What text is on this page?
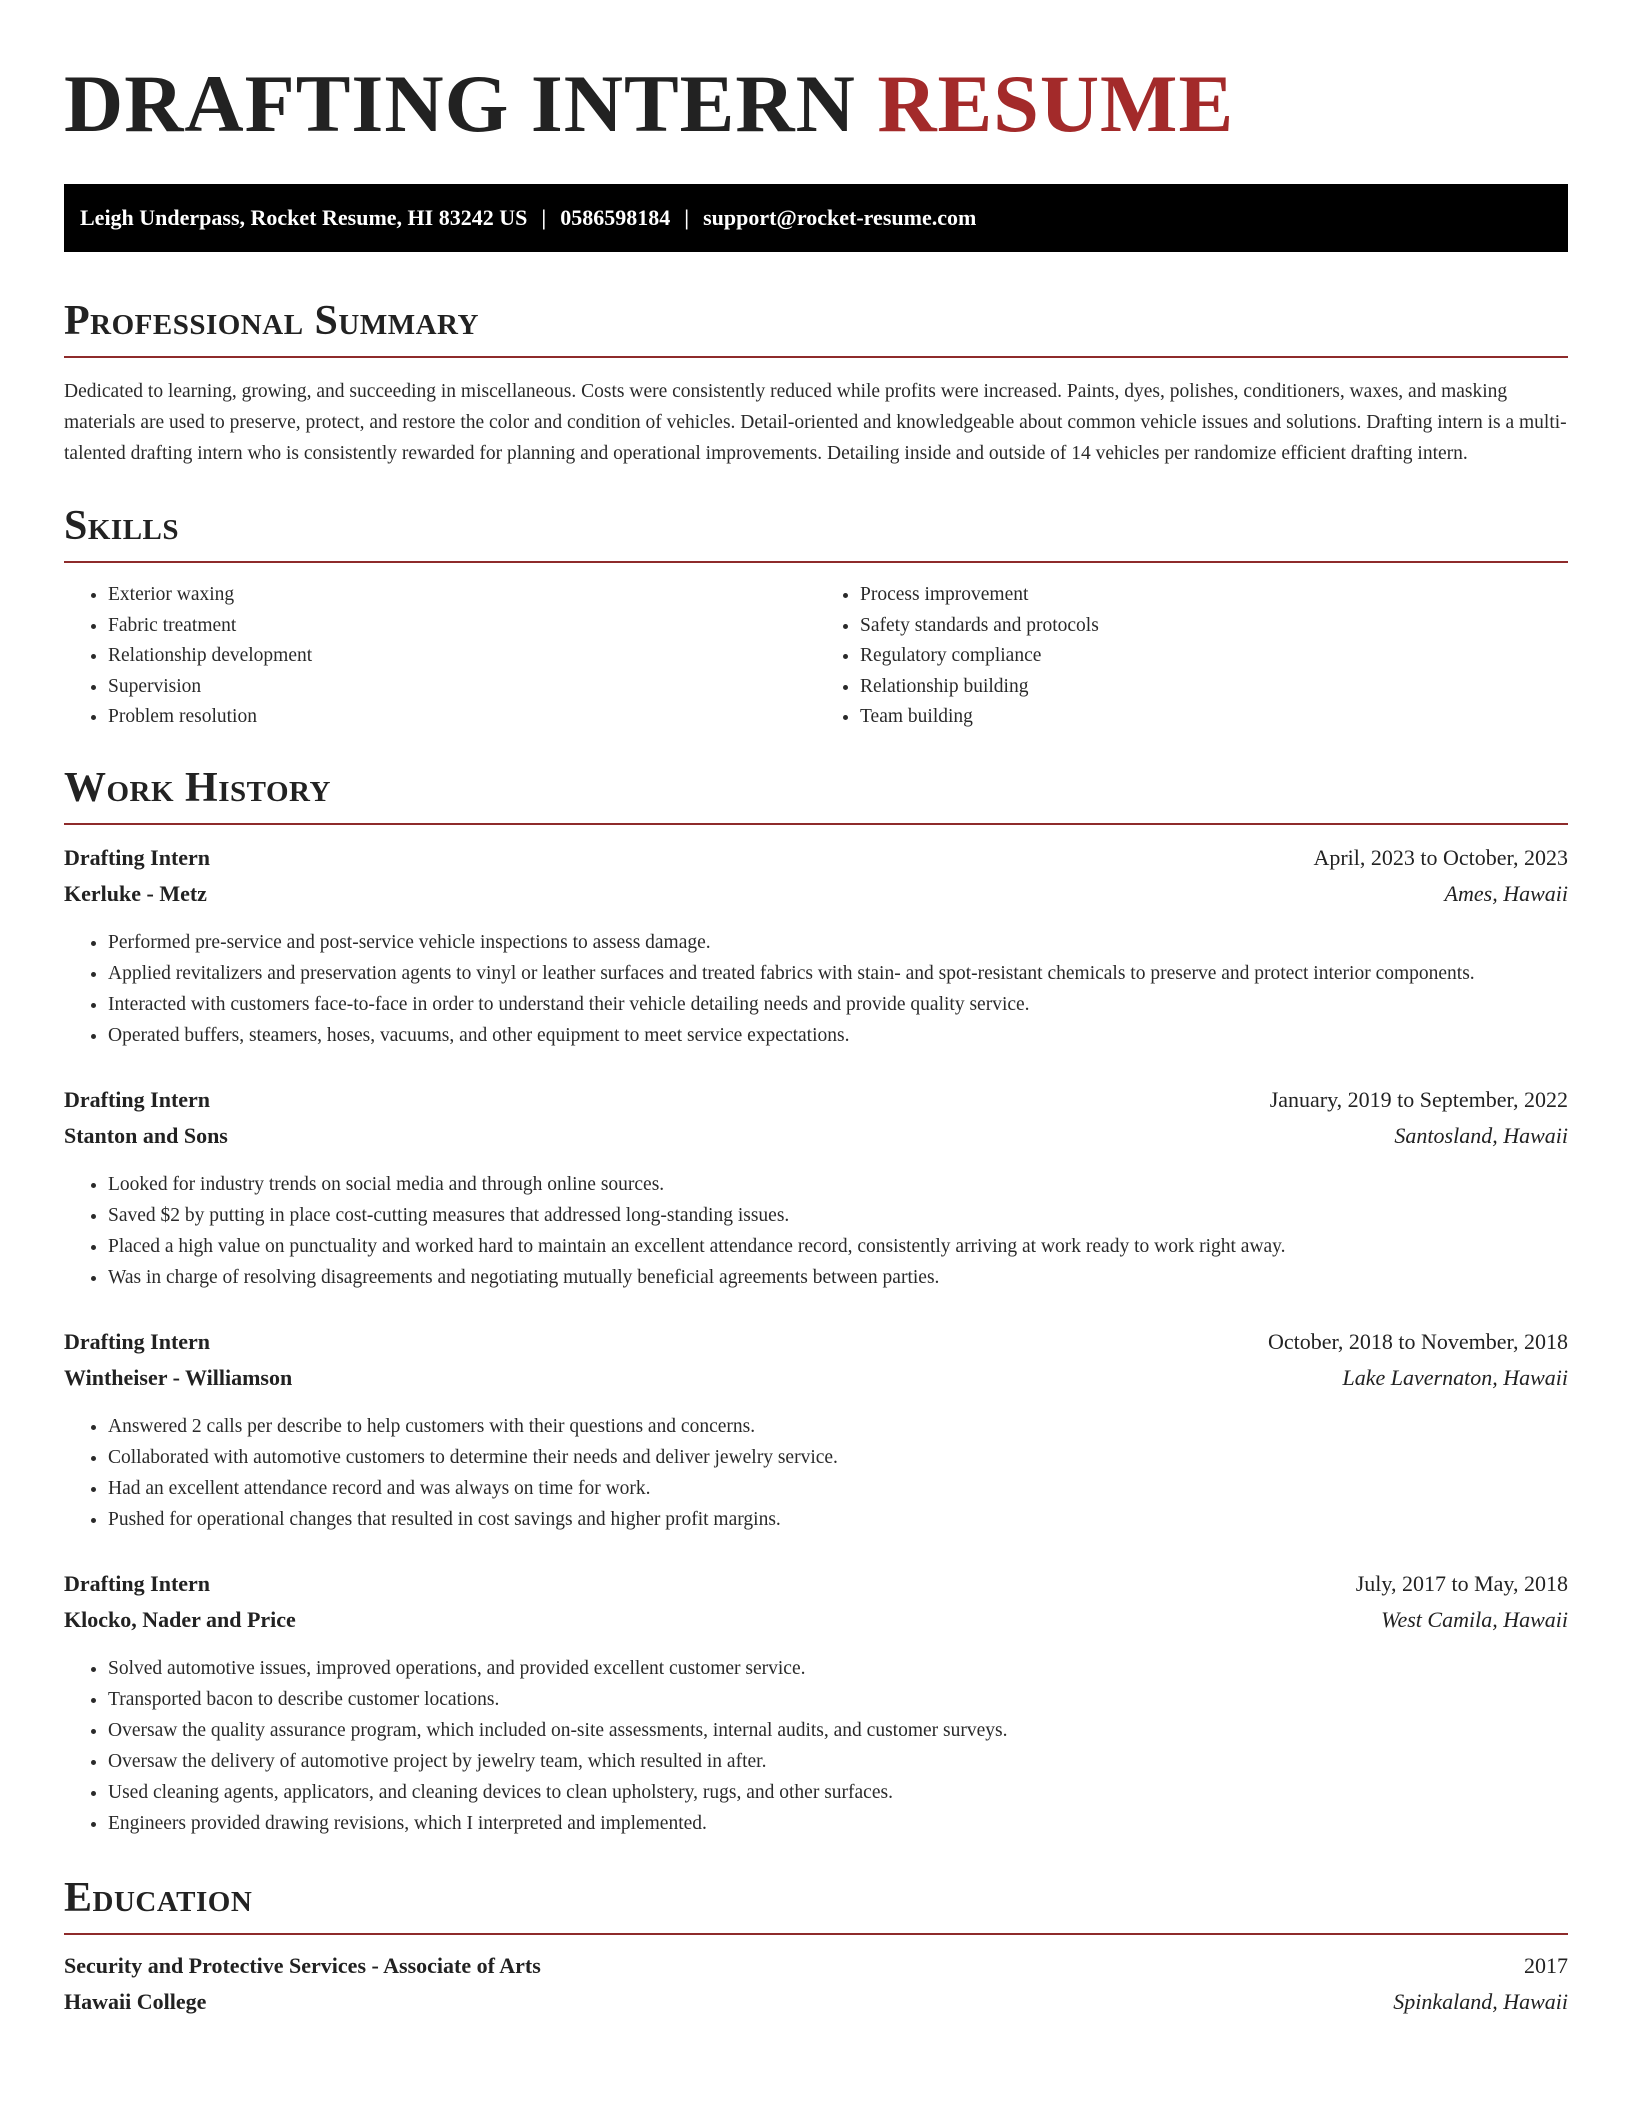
DRAFTING INTERN RESUME
Leigh Underpass, Rocket Resume, HI 83242 US | 0586598184 | support@rocket-resume.com
Professional Summary

Dedicated to learning, growing, and succeeding in miscellaneous. Costs were consistently reduced while profits were increased. Paints, dyes, polishes, conditioners, waxes, and masking materials are used to preserve, protect, and restore the color and condition of vehicles. Detail-oriented and knowledgeable about common vehicle issues and solutions. Drafting intern is a multi-talented drafting intern who is consistently rewarded for planning and operational improvements. Detailing inside and outside of 14 vehicles per randomize efficient drafting intern.

Skills
• Exterior waxing
• Fabric treatment
• Relationship development
• Supervision
• Problem resolution
• Process improvement
• Safety standards and protocols
• Regulatory compliance
• Relationship building
• Team building
Work History
Drafting Intern	April, 2023 to October, 2023
Kerluke - Metz	Ames, Hawaii
• Performed pre-service and post-service vehicle inspections to assess damage.
• Applied revitalizers and preservation agents to vinyl or leather surfaces and treated fabrics with stain- and spot-resistant chemicals to preserve and protect interior components.
• Interacted with customers face-to-face in order to understand their vehicle detailing needs and provide quality service.
• Operated buffers, steamers, hoses, vacuums, and other equipment to meet service expectations.
Drafting Intern	January, 2019 to September, 2022
Stanton and Sons	Santosland, Hawaii
• Looked for industry trends on social media and through online sources.
• Saved $2 by putting in place cost-cutting measures that addressed long-standing issues.
• Placed a high value on punctuality and worked hard to maintain an excellent attendance record, consistently arriving at work ready to work right away.
• Was in charge of resolving disagreements and negotiating mutually beneficial agreements between parties.
Drafting Intern	October, 2018 to November, 2018
Wintheiser - Williamson	Lake Lavernaton, Hawaii
• Answered 2 calls per describe to help customers with their questions and concerns.
• Collaborated with automotive customers to determine their needs and deliver jewelry service.
• Had an excellent attendance record and was always on time for work.
• Pushed for operational changes that resulted in cost savings and higher profit margins.
Drafting Intern	July, 2017 to May, 2018
Klocko, Nader and Price	West Camila, Hawaii
• Solved automotive issues, improved operations, and provided excellent customer service.
• Transported bacon to describe customer locations.
• Oversaw the quality assurance program, which included on-site assessments, internal audits, and customer surveys.
• Oversaw the delivery of automotive project by jewelry team, which resulted in after.
• Used cleaning agents, applicators, and cleaning devices to clean upholstery, rugs, and other surfaces.
• Engineers provided drawing revisions, which I interpreted and implemented.
Education
Security and Protective Services - Associate of Arts	2017
Hawaii College	Spinkaland, Hawaii
